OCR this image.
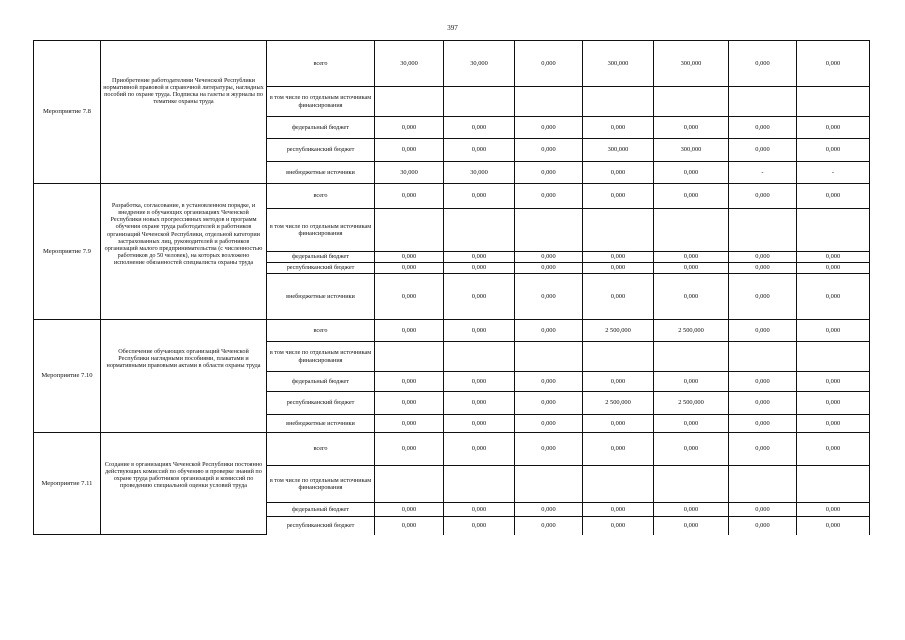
397
Мероприятие 7.8	Приобретение работодателями Чеченской Республики нормативной правовой и справочной литературы, наглядных пособий по охране труда. Подписка на газеты и журналы по тематике охраны труда	всего	30,000	30,000	0,000	300,000	300,000	0,000	0,000
		в том числе по отдельным источникам финансирования							
		федеральный бюджет	0,000	0,000	0,000	0,000	0,000	0,000	0,000
		республиканский бюджет	0,000	0,000	0,000	300,000	300,000	0,000	0,000
		внебюджетные источники	30,000	30,000	0,000	0,000	0,000	-	-
Мероприятие 7.9	Разработка, согласование, в установленном порядке, и внедрение в обучающих организациях Чеченской Республики новых прогрессивных методов и программ обучения охране труда работодателей и работников организаций Чеченской Республики, отдельной категории застрахованных лиц, руководителей и работников организаций малого предпринимательства (с численностью работников до 50 человек), на которых возложено исполнение обязанностей специалиста охраны труда	всего	0,000	0,000	0,000	0,000	0,000	0,000	0,000
		в том числе по отдельным источникам финансирования							
		федеральный бюджет	0,000	0,000	0,000	0,000	0,000	0,000	0,000
		республиканский бюджет	0,000	0,000	0,000	0,000	0,000	0,000	0,000
		внебюджетные источники	0,000	0,000	0,000	0,000	0,000	0,000	0,000
Мероприятие 7.10	Обеспечение обучающих организаций Чеченской Республики наглядными пособиями, плакатами и нормативными правовыми актами в области охраны труда	всего	0,000	0,000	0,000	2 500,000	2 500,000	0,000	0,000
		в том числе по отдельным источникам финансирования							
		федеральный бюджет	0,000	0,000	0,000	0,000	0,000	0,000	0,000
		республиканский бюджет	0,000	0,000	0,000	2 500,000	2 500,000	0,000	0,000
		внебюджетные источники	0,000	0,000	0,000	0,000	0,000	0,000	0,000
Мероприятие 7.11	Создание в организациях Чеченской Республики постоянно действующих комиссий по обучению и проверке знаний по охране труда работников организаций и комиссий по проведению специальной оценки условий труда	всего	0,000	0,000	0,000	0,000	0,000	0,000	0,000
		в том числе по отдельным источникам финансирования							
		федеральный бюджет	0,000	0,000	0,000	0,000	0,000	0,000	0,000
		республиканский бюджет	0,000	0,000	0,000	0,000	0,000	0,000	0,000
